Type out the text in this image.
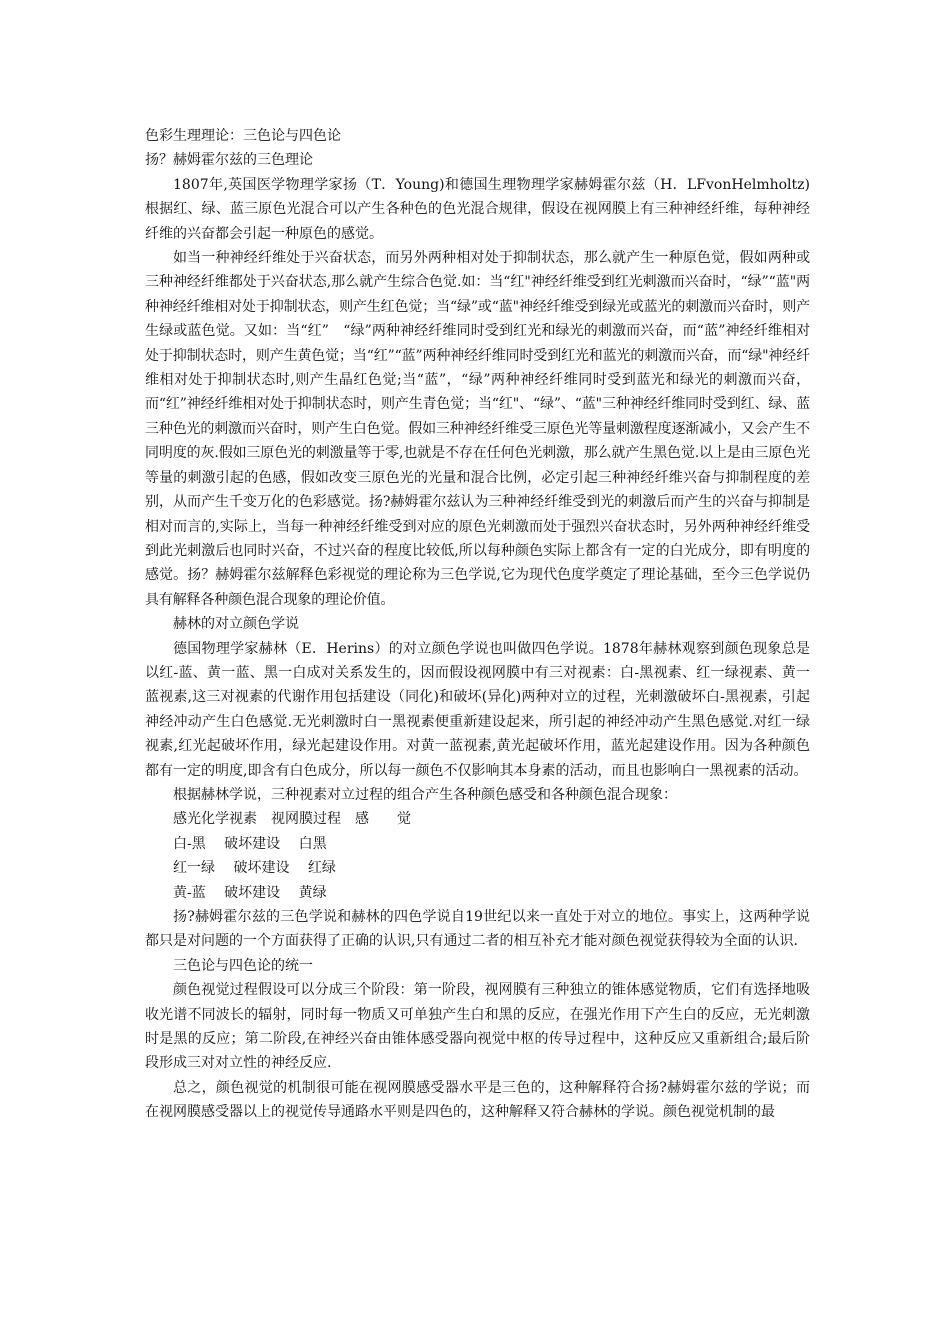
色彩生理理论：三色论与四色论

扬？赫姆霍尔兹的三色理论

1807年,英国医学物理学家扬（T．Young)和德国生理物理学家赫姆霍尔兹（H．LFvonHelmholtz)根据红、绿、蓝三原色光混合可以产生各种色的色光混合规律，假设在视网膜上有三种神经纤维，每种神经纤维的兴奋都会引起一种原色的感觉。

如当一种神经纤维处于兴奋状态，而另外两种相对处于抑制状态，那么就产生一种原色觉，假如两种或三种神经纤维都处于兴奋状态,那么就产生综合色觉.如：当“红"神经纤维受到红光刺激而兴奋时，“绿”“蓝"两种神经纤维相对处于抑制状态，则产生红色觉；当“绿”或“蓝"神经纤维受到绿光或蓝光的刺激而兴奋时，则产生绿或蓝色觉。又如：当“红”　“绿”两种神经纤维同时受到红光和绿光的刺激而兴奋，而“蓝”神经纤维相对处于抑制状态时，则产生黄色觉；当“红”“蓝”两种神经纤维同时受到红光和蓝光的刺激而兴奋，而“绿"神经纤维相对处于抑制状态时,则产生晶红色觉;当“蓝”，“绿”两种神经纤维同时受到蓝光和绿光的刺激而兴奋，而“红”神经纤维相对处于抑制状态时，则产生青色觉；当“红"、“绿”、“蓝"三种神经纤维同时受到红、绿、蓝三种色光的刺激而兴奋时，则产生白色觉。假如三种神经纤维受三原色光等量刺激程度逐渐减小，又会产生不同明度的灰.假如三原色光的刺激量等于零,也就是不存在任何色光刺激，那么就产生黑色觉.以上是由三原色光等量的刺激引起的色感，假如改变三原色光的光量和混合比例，必定引起三种神经纤维兴奋与抑制程度的差别，从而产生千变万化的色彩感觉。扬?赫姆霍尔兹认为三种神经纤维受到光的刺激后而产生的兴奋与抑制是相对而言的,实际上，当每一种神经纤维受到对应的原色光刺激而处于强烈兴奋状态时，另外两种神经纤维受到此光刺激后也同时兴奋，不过兴奋的程度比较低,所以每种颜色实际上都含有一定的白光成分，即有明度的感觉。扬？赫姆霍尔兹解释色彩视觉的理论称为三色学说,它为现代色度学奠定了理论基础，至今三色学说仍具有解释各种颜色混合现象的理论价值。

赫林的对立颜色学说

德国物理学家赫林（E．Herins）的对立颜色学说也叫做四色学说。1878年赫林观察到颜色现象总是以红-蓝、黄一蓝、黑一白成对关系发生的，因而假设视网膜中有三对视素：白-黑视素、红一绿视素、黄一蓝视素,这三对视素的代谢作用包括建设（同化)和破坏(异化)两种对立的过程，光刺激破坏白-黑视素，引起神经冲动产生白色感觉.无光刺激时白一黑视素便重新建设起来，所引起的神经冲动产生黑色感觉.对红一绿视素,红光起破坏作用，绿光起建设作用。对黄一蓝视素,黄光起破坏作用，蓝光起建设作用。因为各种颜色都有一定的明度,即含有白色成分，所以每一颜色不仅影响其本身素的活动，而且也影响白一黑视素的活动。

根据赫林学说，三种视素对立过程的组合产生各种颜色感受和各种颜色混合现象：

感光化学视素　视网膜过程　感　　觉

白-黑　 破坏建设　 白黑

红一绿　 破坏建设　 红绿

黄-蓝　 破坏建设　 黄绿

扬?赫姆霍尔兹的三色学说和赫林的四色学说自19世纪以来一直处于对立的地位。事实上，这两种学说都只是对问题的一个方面获得了正确的认识,只有通过二者的相互补充才能对颜色视觉获得较为全面的认识.

三色论与四色论的统一

颜色视觉过程假设可以分成三个阶段：第一阶段，视网膜有三种独立的锥体感觉物质，它们有选择地吸收光谱不同波长的辐射，同时每一物质又可单独产生白和黑的反应，在强光作用下产生白的反应，无光刺激时是黑的反应；第二阶段,在神经兴奋由锥体感受器向视觉中枢的传导过程中，这种反应又重新组合;最后阶段形成三对对立性的神经反应.

总之，颜色视觉的机制很可能在视网膜感受器水平是三色的，这种解释符合扬?赫姆霍尔兹的学说；而在视网膜感受器以上的视觉传导通路水平则是四色的，这种解释又符合赫林的学说。颜色视觉机制的最
